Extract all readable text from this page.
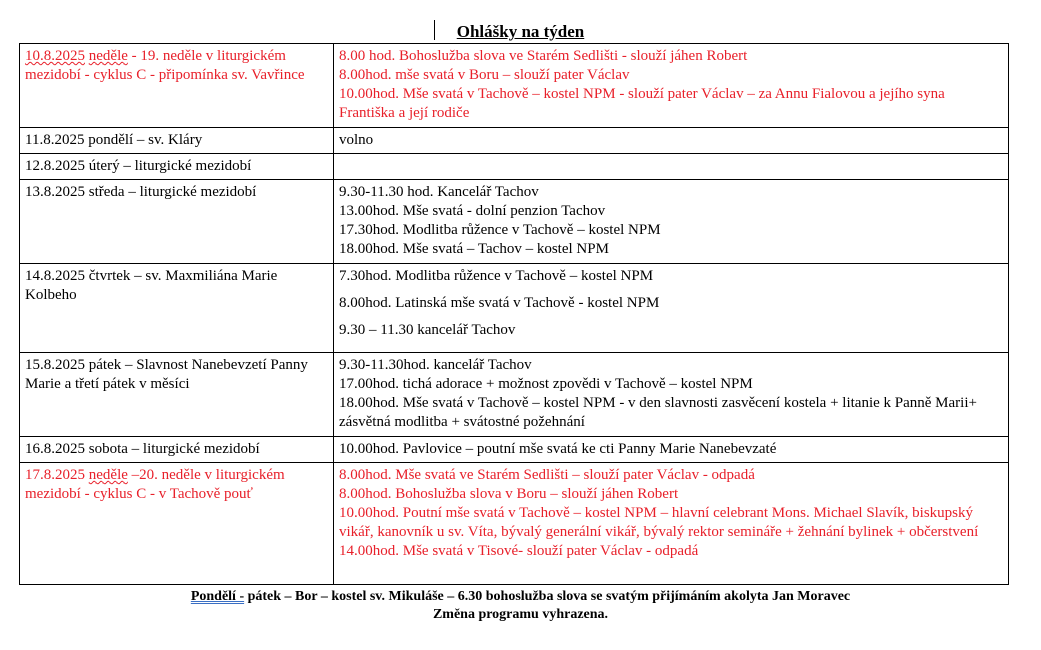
Ohlášky na týden
10.8.2025 neděle - 19. neděle v liturgickém mezidobí - cyklus C - připomínka sv. Vavřince	8.00 hod. Bohoslužba slova ve Starém Sedlišti - slouží jáhen Robert
8.00hod. mše svatá v Boru – slouží pater Václav
10.00hod. Mše svatá v Tachově – kostel NPM - slouží pater Václav – za Annu Fialovou a jejího syna Františka a její rodiče

11.8.2025 pondělí – sv. Kláry	volno

12.8.2025 úterý – liturgické mezidobí	
13.8.2025 středa – liturgické mezidobí	9.30-11.30 hod. Kancelář Tachov
13.00hod. Mše svatá - dolní penzion Tachov
17.30hod. Modlitba růžence v Tachově – kostel NPM
18.00hod. Mše svatá – Tachov – kostel NPM

14.8.2025 čtvrtek – sv. Maxmiliána Marie Kolbeho	7.30hod. Modlitba růžence v Tachově – kostel NPM
8.00hod. Latinská mše svatá v Tachově - kostel NPM
9.30 – 11.30 kancelář Tachov

15.8.2025 pátek – Slavnost Nanebevzetí Panny Marie a třetí pátek v měsíci	9.30-11.30hod. kancelář Tachov
17.00hod. tichá adorace + možnost zpovědi v Tachově – kostel NPM
18.00hod. Mše svatá v Tachově – kostel NPM - v den slavnosti zasvěcení kostela + litanie k Panně Marii+ zásvětná modlitba + svátostné požehnání

16.8.2025 sobota – liturgické mezidobí	10.00hod. Pavlovice – poutní mše svatá ke cti Panny Marie Nanebevzaté

17.8.2025 neděle –20. neděle v liturgickém mezidobí - cyklus C - v Tachově pouť	8.00hod. Mše svatá ve Starém Sedlišti – slouží pater Václav - odpadá
8.00hod. Bohoslužba slova v Boru – slouží jáhen Robert
10.00hod. Poutní mše svatá v Tachově – kostel NPM – hlavní celebrant Mons. Michael Slavík, biskupský vikář, kanovník u sv. Víta, bývalý generální vikář, bývalý rektor semináře + žehnání bylinek + občerstvení
14.00hod. Mše svatá v Tisové- slouží pater Václav - odpadá
Pondělí - pátek – Bor – kostel sv. Mikuláše – 6.30 bohoslužba slova se svatým přijímáním akolyta Jan Moravec
Změna programu vyhrazena.
